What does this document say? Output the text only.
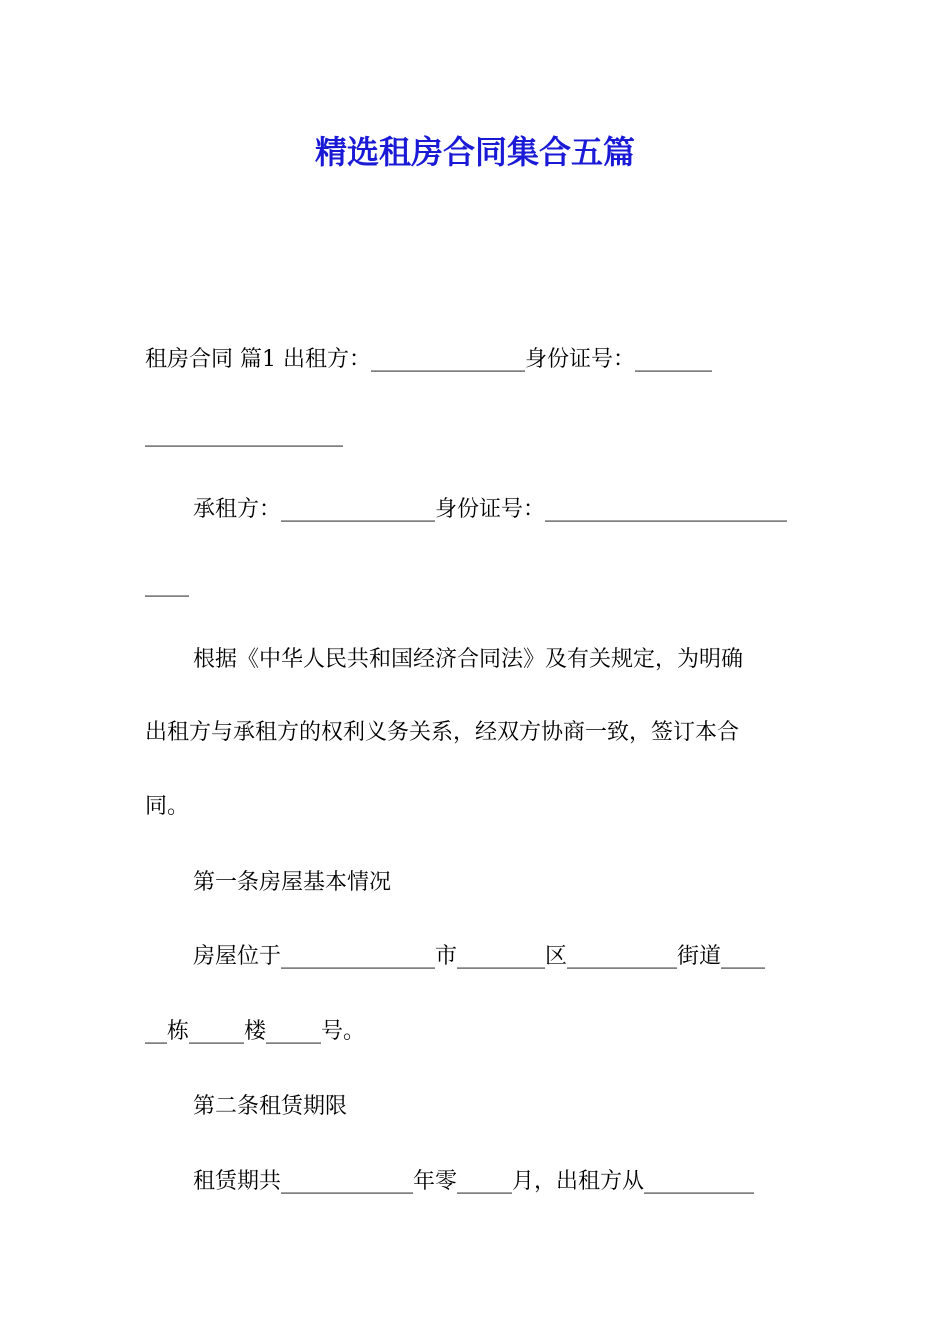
精选租房合同集合五篇
租房合同 篇1 出租方：______________身份证号：_______
__________________
承租方：______________身份证号：______________________
____
根据《中华人民共和国经济合同法》及有关规定，为明确
出租方与承租方的权利义务关系，经双方协商一致，签订本合
同。
第一条房屋基本情况
房屋位于______________市________区__________街道____
__栋_____楼_____号。
第二条租赁期限
租赁期共____________年零_____月，出租方从__________
